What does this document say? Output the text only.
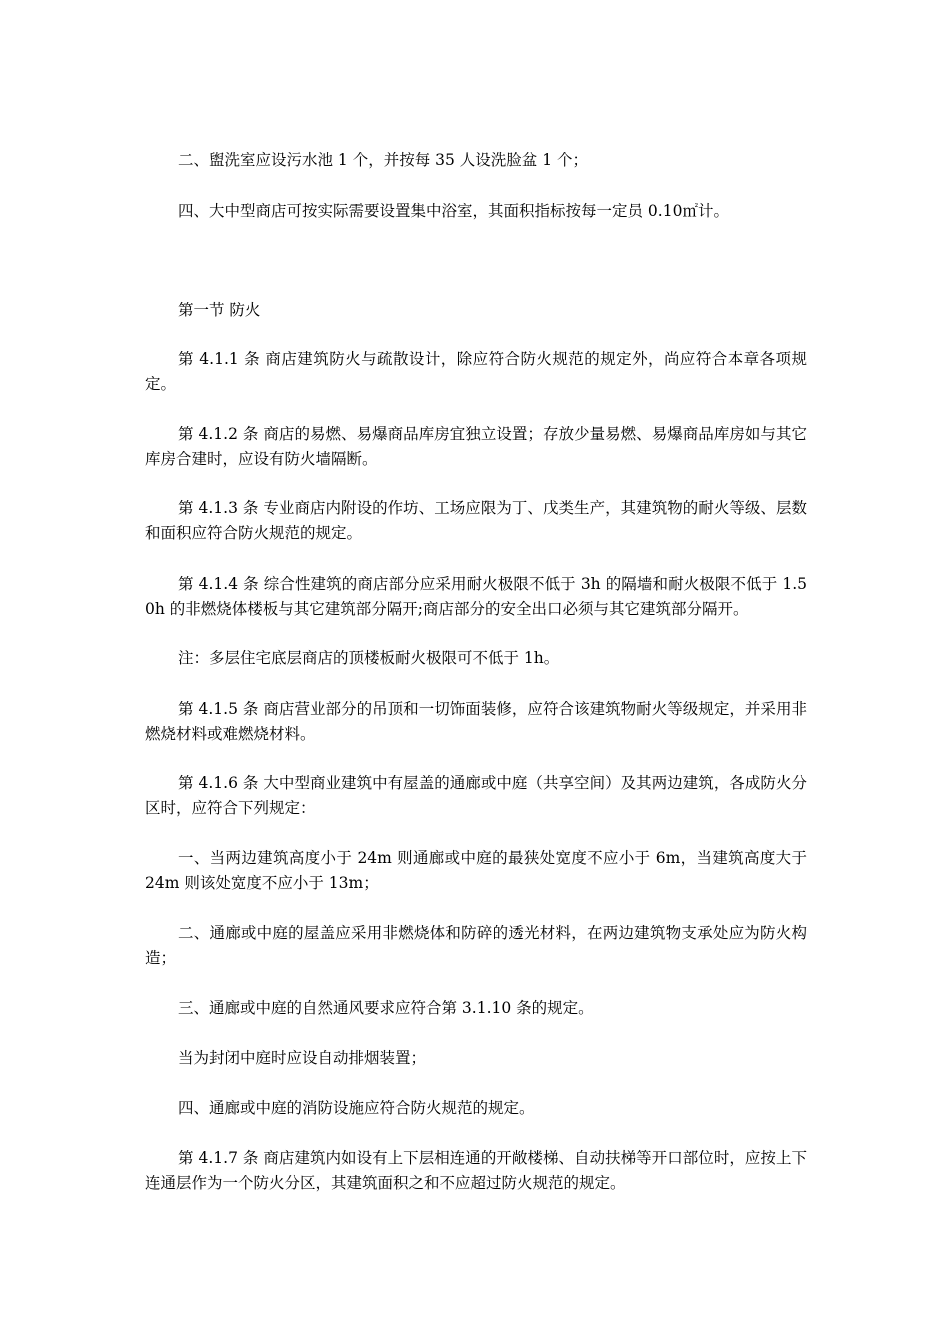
二、盥洗室应设污水池 1 个，并按每 35 人设洗脸盆 1 个；

四、大中型商店可按实际需要设置集中浴室，其面积指标按每一定员 0.10㎡计。

第一节 防火

第 4.1.1 条 商店建筑防火与疏散设计，除应符合防火规范的规定外，尚应符合本章各项规定。

第 4.1.2 条 商店的易燃、易爆商品库房宜独立设置；存放少量易燃、易爆商品库房如与其它库房合建时，应设有防火墙隔断。

第 4.1.3 条 专业商店内附设的作坊、工场应限为丁、戊类生产，其建筑物的耐火等级、层数和面积应符合防火规范的规定。

第 4.1.4 条 综合性建筑的商店部分应采用耐火极限不低于 3h 的隔墙和耐火极限不低于 1.50h 的非燃烧体楼板与其它建筑部分隔开;商店部分的安全出口必须与其它建筑部分隔开。

注：多层住宅底层商店的顶楼板耐火极限可不低于 1h。

第 4.1.5 条 商店营业部分的吊顶和一切饰面装修，应符合该建筑物耐火等级规定，并采用非燃烧材料或难燃烧材料。

第 4.1.6 条 大中型商业建筑中有屋盖的通廊或中庭（共享空间）及其两边建筑，各成防火分区时，应符合下列规定：

一、当两边建筑高度小于 24m 则通廊或中庭的最狭处宽度不应小于 6m，当建筑高度大于 24m 则该处宽度不应小于 13m；

二、通廊或中庭的屋盖应采用非燃烧体和防碎的透光材料，在两边建筑物支承处应为防火构造；

三、通廊或中庭的自然通风要求应符合第 3.1.10 条的规定。

当为封闭中庭时应设自动排烟装置；

四、通廊或中庭的消防设施应符合防火规范的规定。

第 4.1.7 条 商店建筑内如设有上下层相连通的开敞楼梯、自动扶梯等开口部位时，应按上下连通层作为一个防火分区，其建筑面积之和不应超过防火规范的规定。
